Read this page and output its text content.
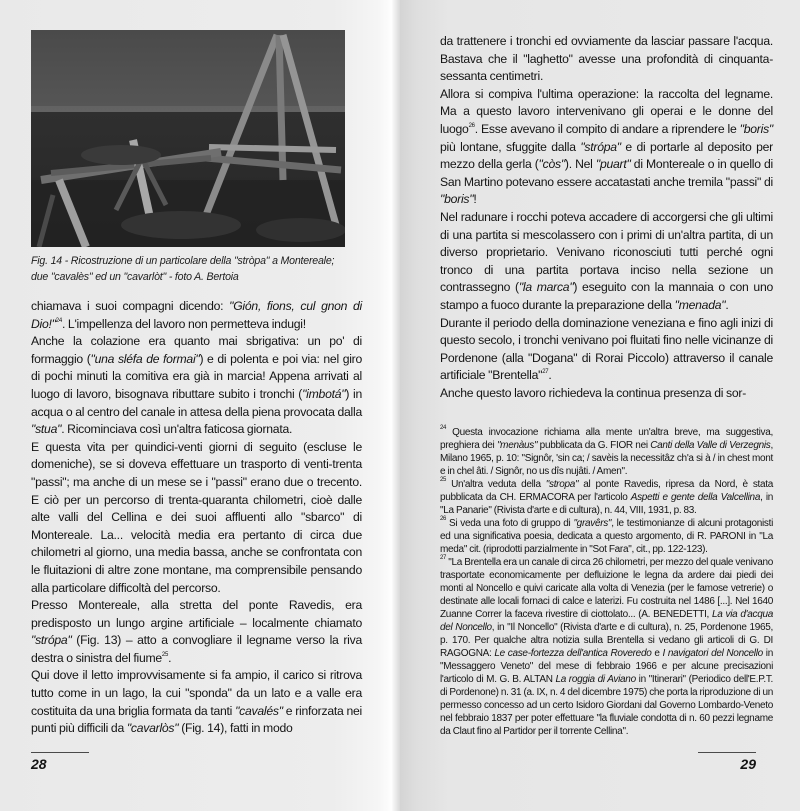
Fig. 14 - Ricostruzione di un particolare della "stròpa" a Montereale;
due "cavalès" ed un "cavarlòt" - foto A. Bertoia

chiamava i suoi compagni dicendo: "Gión, fions, cul gnon di Dio!"$^{24}$. L'impellenza del lavoro non permetteva indugi!

Anche la colazione era quanto mai sbrigativa: un po' di formaggio ("una sléfa de formai") e di polenta e poi via: nel giro di pochi minuti la comitiva era già in marcia! Appena arrivati al luogo di lavoro, bisognava ributtare subito i tronchi ("imbotá") in acqua o al centro del canale in attesa della piena provocata dalla "stua". Ricominciava così un'altra faticosa giornata.

E questa vita per quindici-venti giorni di seguito (escluse le domeniche), se si doveva effettuare un trasporto di venti-trenta "passi"; ma anche di un mese se i "passi" erano due o trecento. E ciò per un percorso di trenta-quaranta chilometri, cioè dalle alte valli del Cellina e dei suoi affluenti allo "sbarco" di Montereale. La... velocità media era pertanto di circa due chilometri al giorno, una media bassa, anche se confrontata con le fluitazioni di altre zone montane, ma comprensibile pensando alla particolare difficoltà del percorso.

Presso Montereale, alla stretta del ponte Ravedis, era predisposto un lungo argine artificiale – localmente chiamato "strópa" (Fig. 13) – atto a convogliare il legname verso la riva destra o sinistra del fiume$^{25}$.

Qui dove il letto improvvisamente si fa ampio, il carico si ritrova tutto come in un lago, la cui "sponda" da un lato e a valle era costituita da una briglia formata da tanti "cavalés" e rinforzata nei punti più difficili da "cavarlòs" (Fig. 14), fatti in modo

28

da trattenere i tronchi ed ovviamente da lasciar passare l'acqua. Bastava che il "laghetto" avesse una profondità di cinquanta-sessanta centimetri.

Allora si compiva l'ultima operazione: la raccolta del legname. Ma a questo lavoro intervenivano gli operai e le donne del luogo$^{26}$. Esse avevano il compito di andare a riprendere le "boris" più lontane, sfuggite dalla "strópa" e di portarle al deposito per mezzo della gerla ("còs"). Nel "puart" di Montereale o in quello di San Martino potevano essere accatastati anche tremila "passi" di "boris"!

Nel radunare i rocchi poteva accadere di accorgersi che gli ultimi di una partita si mescolassero con i primi di un'altra partita, di un diverso proprietario. Venivano riconosciuti tutti perché ogni tronco di una partita portava inciso nella sezione un contrassegno ("la marca") eseguito con la mannaia o con uno stampo a fuoco durante la preparazione della "menada".

Durante il periodo della dominazione veneziana e fino agli inizi di questo secolo, i tronchi venivano poi fluitati fino nelle vicinanze di Pordenone (alla "Dogana" di Rorai Piccolo) attraverso il canale artificiale "Brentella"$^{27}$.

Anche questo lavoro richiedeva la continua presenza di sor-

$^{24}$ Questa invocazione richiama alla mente un'altra breve, ma suggestiva, preghiera dei "menàus" pubblicata da G. FIOR nei Canti della Valle di Verzegnis, Milano 1965, p. 10: "Signôr, 'sin ca; / savèis la necessitâz ch'a si à / in chest mont e in chel âti. / Signôr, no us dîs nujâti. / Amen".

$^{25}$ Un'altra veduta della "stropa" al ponte Ravedis, ripresa da Nord, è stata pubblicata da CH. ERMACORA per l'articolo Aspetti e gente della Valcellina, in "La Panarie" (Rivista d'arte e di cultura), n. 44, VIII, 1931, p. 83.

$^{26}$ Si veda una foto di gruppo di "gravêrs", le testimonianze di alcuni protagonisti ed una significativa poesia, dedicata a questo argomento, di R. PARONI in "La meda" cit. (riprodotti parzialmente in "Sot Fara", cit., pp. 122-123).

$^{27}$ "La Brentella era un canale di circa 26 chilometri, per mezzo del quale venivano trasportate economicamente per defluizione le legna da ardere dai piedi dei monti al Noncello e quivi caricate alla volta di Venezia (per le famose vetrerie) o destinate alle locali fornaci di calce e laterizi. Fu costruita nel 1486 [...]. Nel 1640 Zuanne Correr la faceva rivestire di ciottolato... (A. BENEDETTI, La via d'acqua del Noncello, in "Il Noncello" (Rivista d'arte e di cultura), n. 25, Pordenone 1965, p. 170. Per qualche altra notizia sulla Brentella si vedano gli articoli di G. DI RAGOGNA: Le case-fortezza dell'antica Roveredo e I navigatori del Noncello in "Messaggero Veneto" del mese di febbraio 1966 e per alcune precisazioni l'articolo di M. G. B. ALTAN La roggia di Aviano in "Itinerari" (Periodico dell'E.P.T. di Pordenone) n. 31 (a. IX, n. 4 del dicembre 1975) che porta la riproduzione di un permesso concesso ad un certo Isidoro Giordani dal Governo Lombardo-Veneto nel febbraio 1837 per poter effettuare "la fluviale condotta di n. 60 pezzi legname da Claut fino al Partidor per il torrente Cellina".

29
